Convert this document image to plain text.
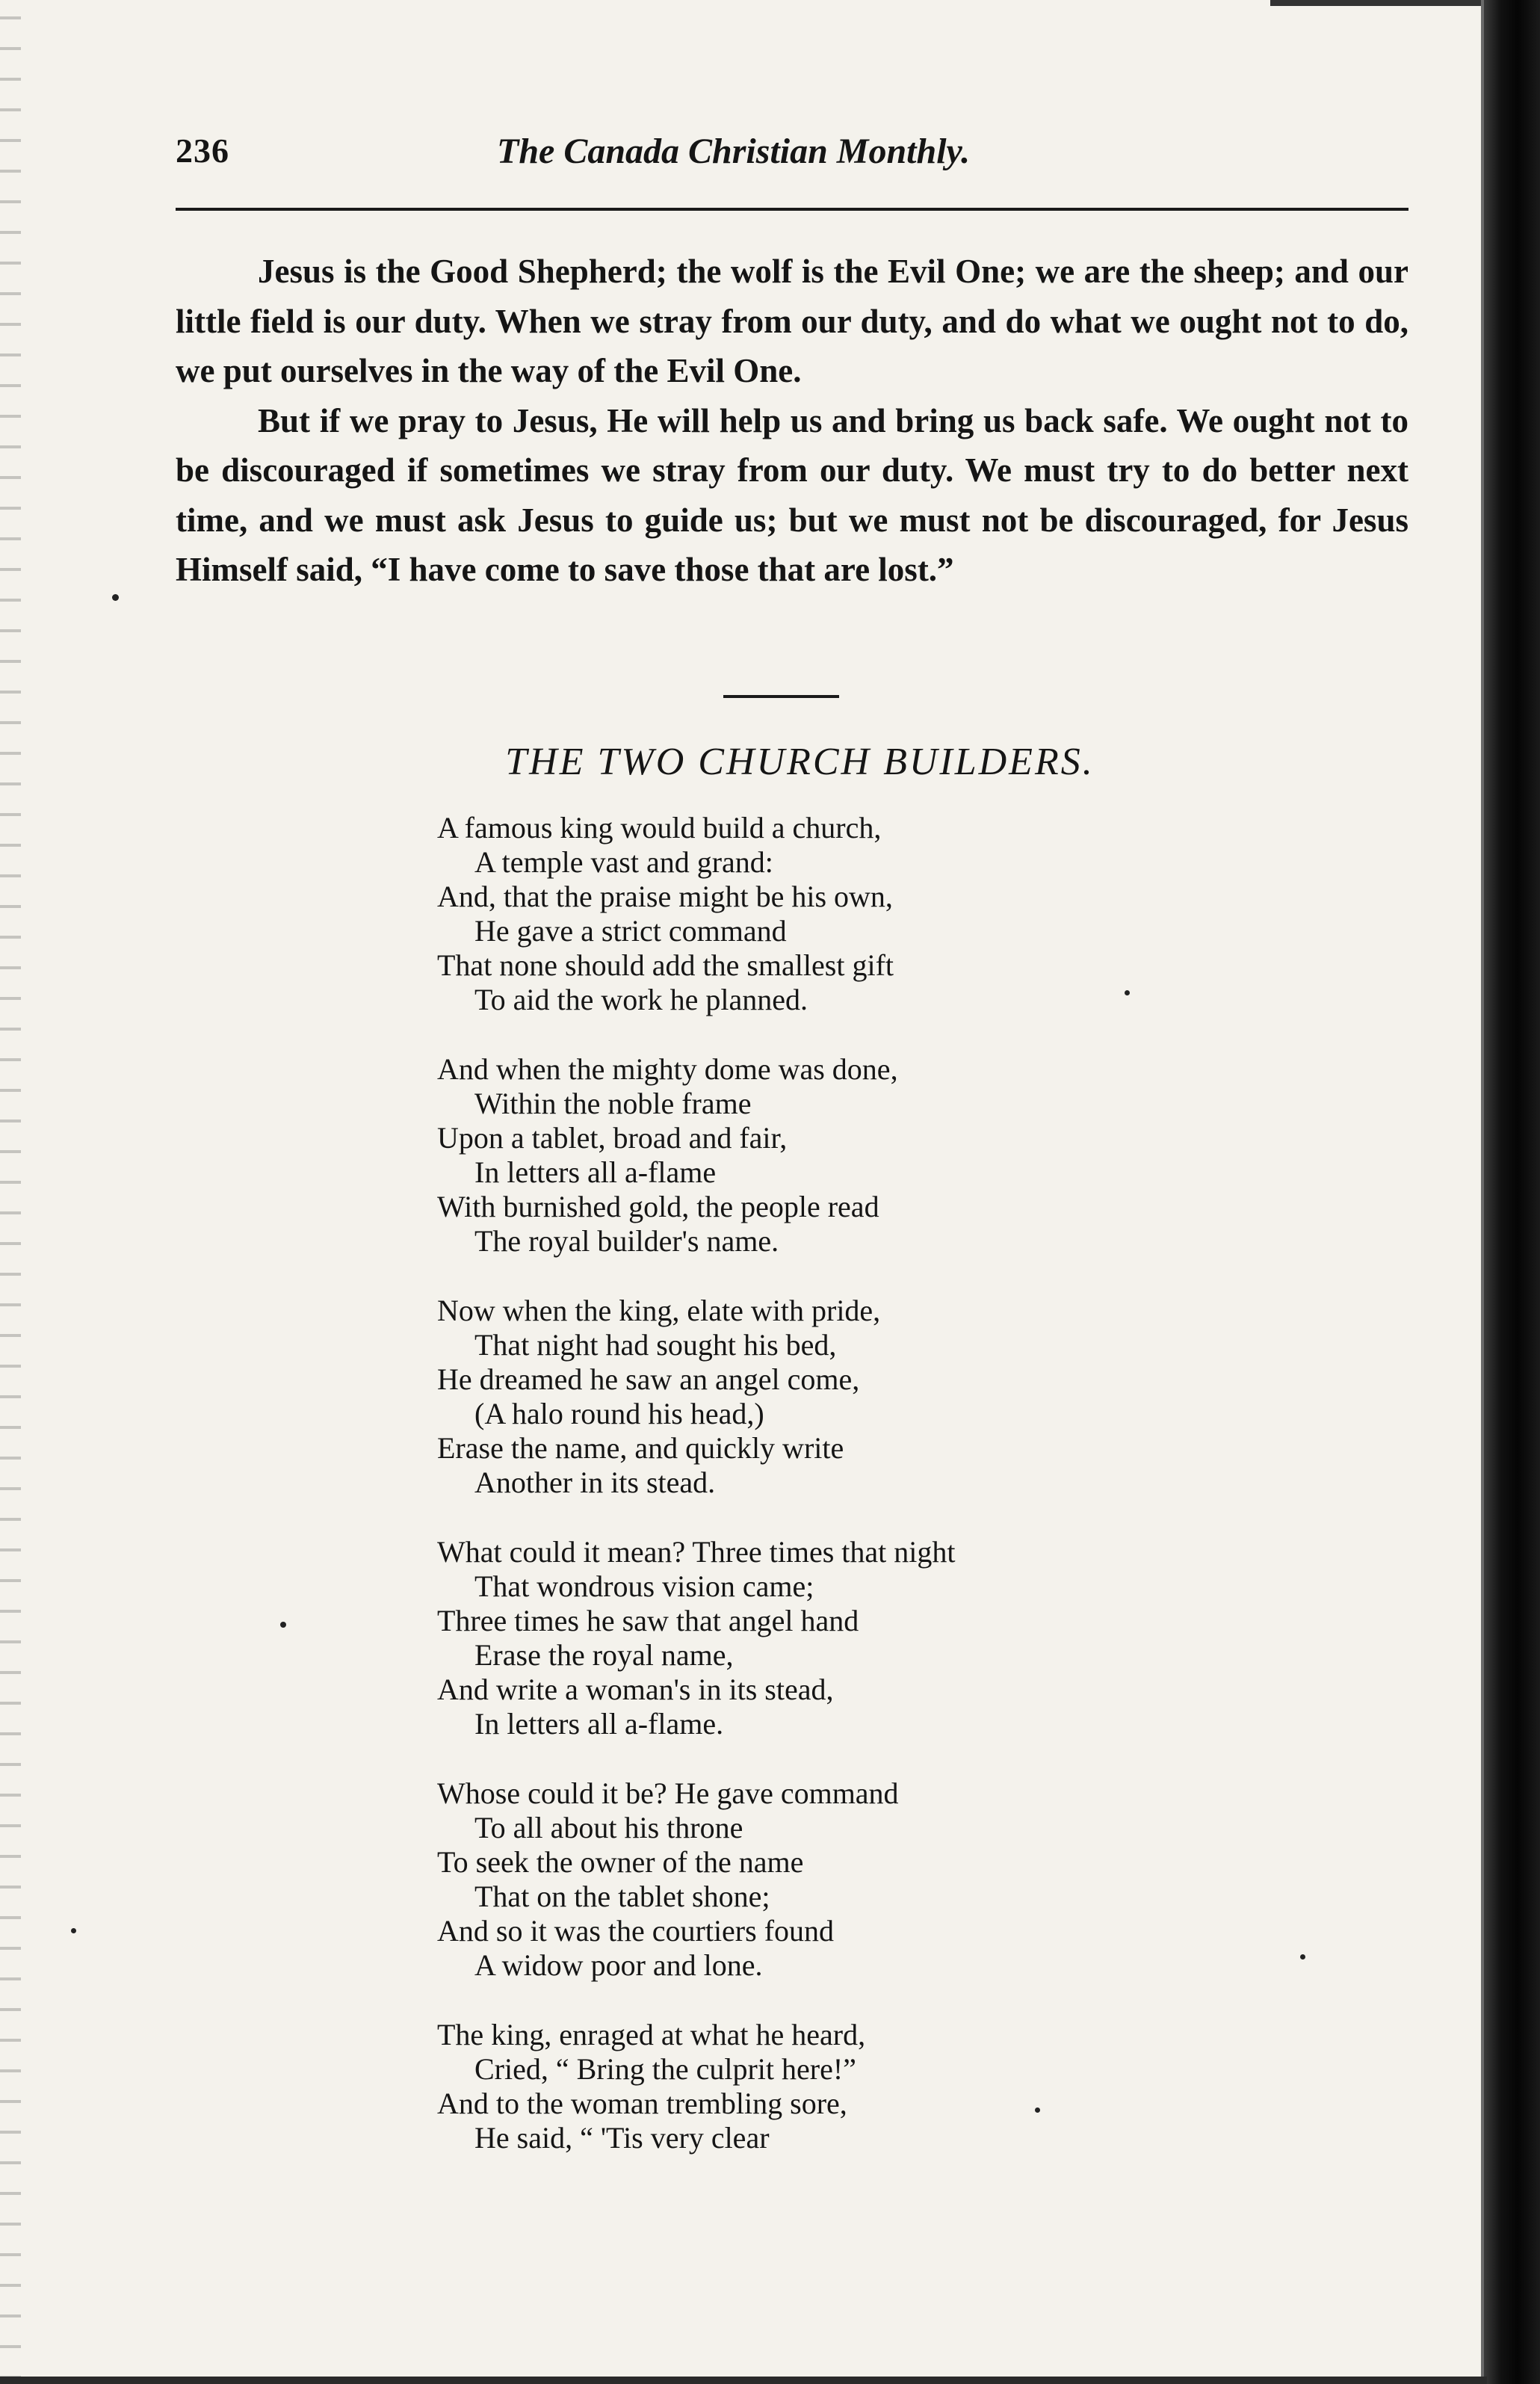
236	The Canada Christian Monthly.

Jesus is the Good Shepherd; the wolf is the Evil One; we are the sheep; and our little field is our duty. When we stray from our duty, and do what we ought not to do, we put ourselves in the way of the Evil One.

But if we pray to Jesus, He will help us and bring us back safe. We ought not to be discouraged if sometimes we stray from our duty. We must try to do better next time, and we must ask Jesus to guide us; but we must not be discouraged, for Jesus Himself said, “I have come to save those that are lost.”

THE TWO CHURCH BUILDERS.
A famous king would build a church,
A temple vast and grand:
And, that the praise might be his own,
He gave a strict command
That none should add the smallest gift
To aid the work he planned.
And when the mighty dome was done,
Within the noble frame
Upon a tablet, broad and fair,
In letters all a-flame
With burnished gold, the people read
The royal builder's name.
Now when the king, elate with pride,
That night had sought his bed,
He dreamed he saw an angel come,
(A halo round his head,)
Erase the name, and quickly write
Another in its stead.
What could it mean? Three times that night
That wondrous vision came;
Three times he saw that angel hand
Erase the royal name,
And write a woman's in its stead,
In letters all a-flame.
Whose could it be? He gave command
To all about his throne
To seek the owner of the name
That on the tablet shone;
And so it was the courtiers found
A widow poor and lone.
The king, enraged at what he heard,
Cried, “ Bring the culprit here!”
And to the woman trembling sore,
He said, “ 'Tis very clear
